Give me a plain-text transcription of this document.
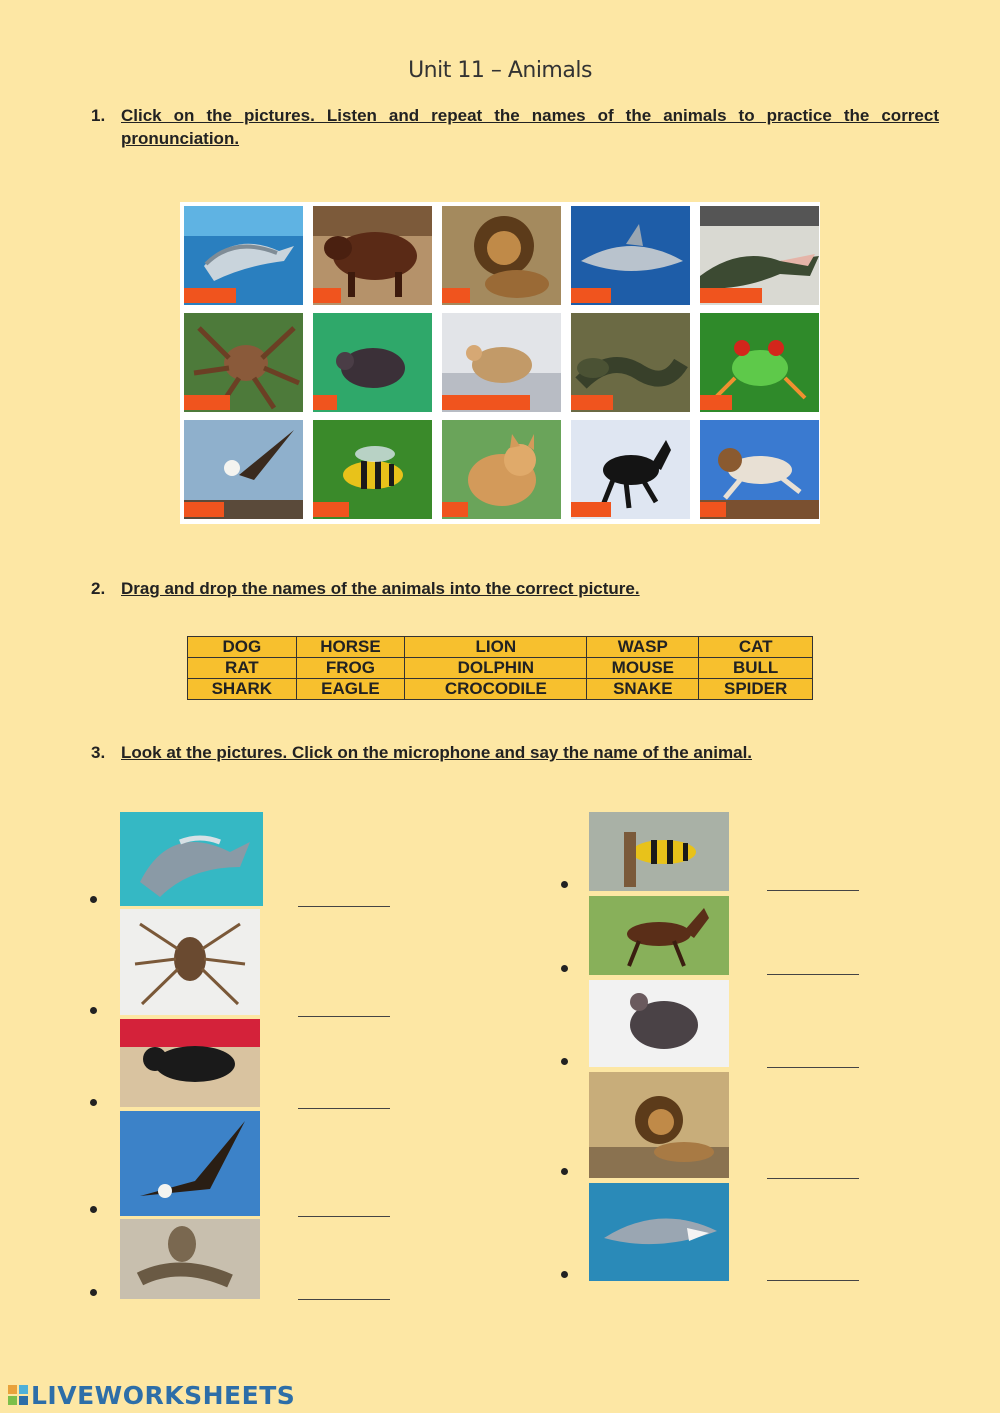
Unit 11 – Animals
1. Click on the pictures. Listen and repeat the names of the animals to practice the correct pronunciation.
2. Drag and drop the names of the animals into the correct picture.
DOG	HORSE	LION	WASP	CAT
RAT	FROG	DOLPHIN	MOUSE	BULL
SHARK	EAGLE	CROCODILE	SNAKE	SPIDER
3. Look at the pictures. Click on the microphone and say the name of the animal.
LIVEWORKSHEETS
